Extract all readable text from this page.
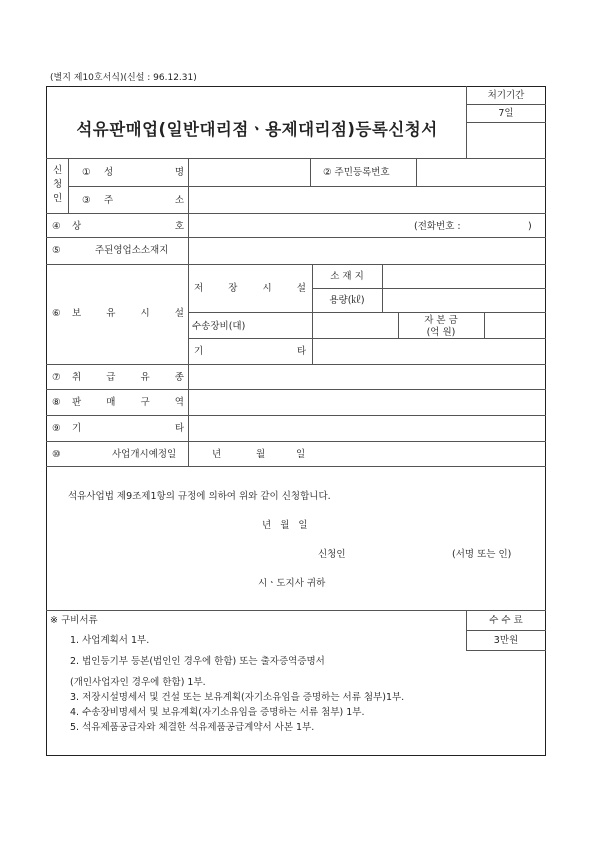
(별지 제10호서식)(신설 : 96.12.31)
석유판매업(일반대리점ㆍ용제대리점)등록신청서
처기기간
7일
신
청
인
① 성	명	② 주민등록번호
③ 주	소
④ 상	호	(전화번호 :	)
⑤	주된영업소소재지
⑥ 보	유	시	설
저	장	시	설
소 재 지
용량(㎘)
수송장비(대)
자 본 금
(억 원)
기	타
⑦ 취	급	유	종
⑧ 판	매	구	역
⑨ 기	타
⑩	사업개시예정일	년	월	일
석유사업법 제9조제1항의 규정에 의하여 위와 같이 신청합니다.
년 월 일
신청인	(서명 또는 인)
시ㆍ도지사 귀하
※ 구비서류	수 수 료
3만원
1. 사업계획서 1부.
2. 법인등기부 등본(법인인 경우에 한함) 또는 출자증역증명서
(개인사업자인 경우에 한함) 1부.
3. 저장시설명세서 및 건설 또는 보유계획(자기소유임을 증명하는 서류 첨부)1부.
4. 수송장비명세서 및 보유계획(자기소유임을 증명하는 서류 첨부) 1부.
5. 석유제품공급자와 체결한 석유제품공급계약서 사본 1부.
